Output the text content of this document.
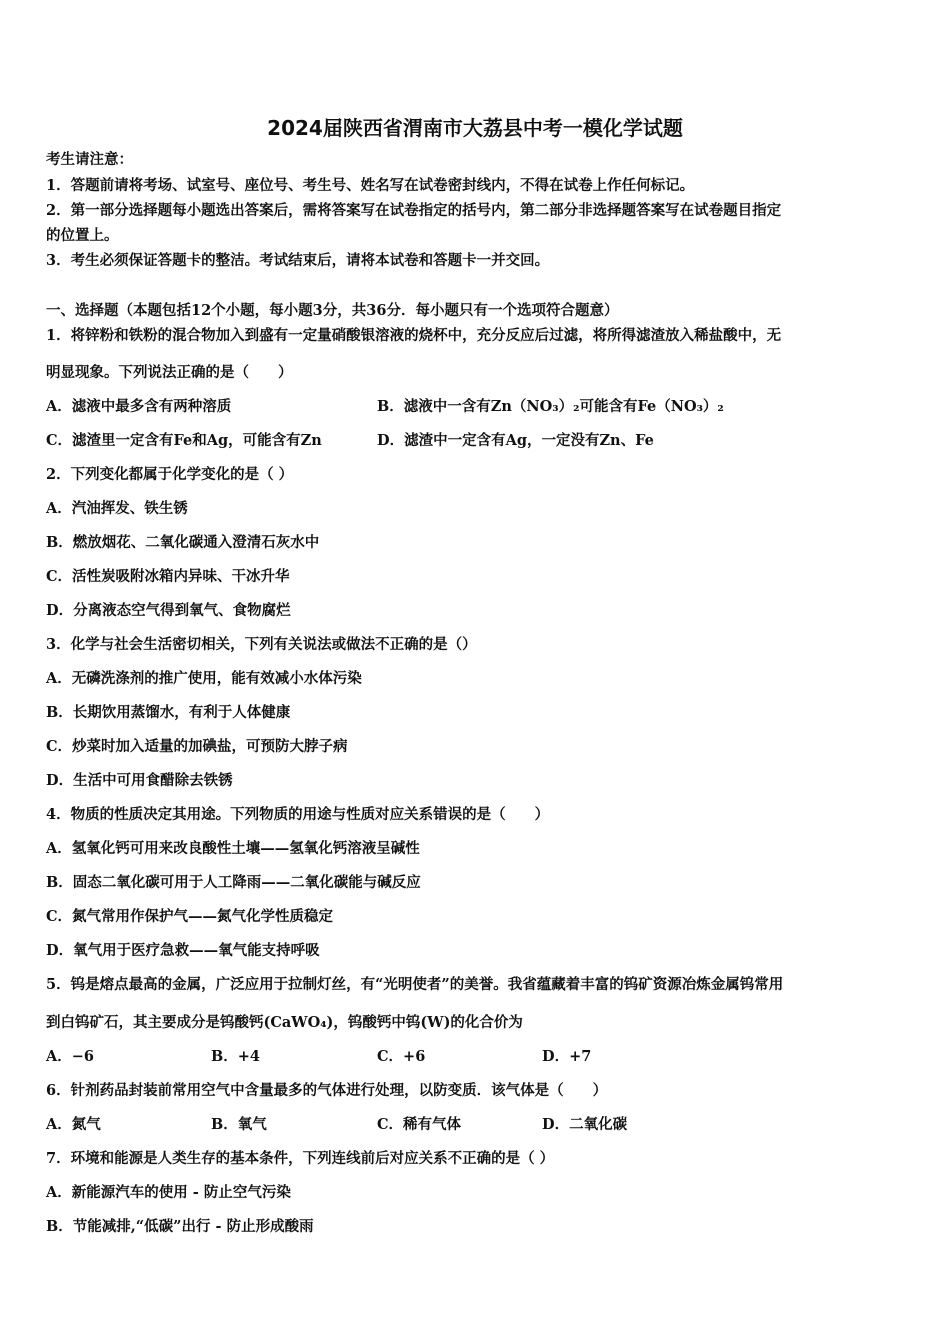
2024届陕西省渭南市大荔县中考一模化学试题
考生请注意：
1．答题前请将考场、试室号、座位号、考生号、姓名写在试卷密封线内，不得在试卷上作任何标记。
2．第一部分选择题每小题选出答案后，需将答案写在试卷指定的括号内，第二部分非选择题答案写在试卷题目指定
的位置上。
3．考生必须保证答题卡的整洁。考试结束后，请将本试卷和答题卡一并交回。
一、选择题（本题包括12个小题，每小题3分，共36分．每小题只有一个选项符合题意）
1．将锌粉和铁粉的混合物加入到盛有一定量硝酸银溶液的烧杯中，充分反应后过滤，将所得滤渣放入稀盐酸中，无
明显现象。下列说法正确的是（　　）
A．滤液中最多含有两种溶质	B．滤液中一含有Zn（NO₃）₂可能含有Fe（NO₃）₂
C．滤渣里一定含有Fe和Ag，可能含有Zn	D．滤渣中一定含有Ag，一定没有Zn、Fe
2．下列变化都属于化学变化的是（ ）
A．汽油挥发、铁生锈
B．燃放烟花、二氧化碳通入澄清石灰水中
C．活性炭吸附冰箱内异味、干冰升华
D．分离液态空气得到氧气、食物腐烂
3．化学与社会生活密切相关，下列有关说法或做法不正确的是（）
A．无磷洗涤剂的推广使用，能有效减小水体污染
B．长期饮用蒸馏水，有利于人体健康
C．炒菜时加入适量的加碘盐，可预防大脖子病
D．生活中可用食醋除去铁锈
4．物质的性质决定其用途。下列物质的用途与性质对应关系错误的是（　　）
A．氢氧化钙可用来改良酸性土壤——氢氧化钙溶液呈碱性
B．固态二氧化碳可用于人工降雨——二氧化碳能与碱反应
C．氮气常用作保护气——氮气化学性质稳定
D．氧气用于医疗急救——氧气能支持呼吸
5．钨是熔点最高的金属，广泛应用于拉制灯丝，有“光明使者”的美誉。我省蕴藏着丰富的钨矿资源冶炼金属钨常用
到白钨矿石，其主要成分是钨酸钙(CaWO₄)，钨酸钙中钨(W)的化合价为
A．−6	B．+4	C．+6	D．+7
6．针剂药品封装前常用空气中含量最多的气体进行处理，以防变质．该气体是（　　）
A．氮气	B．氧气	C．稀有气体	D．二氧化碳
7．环境和能源是人类生存的基本条件，下列连线前后对应关系不正确的是（ ）
A．新能源汽车的使用 - 防止空气污染
B．节能减排,“低碳”出行 - 防止形成酸雨
